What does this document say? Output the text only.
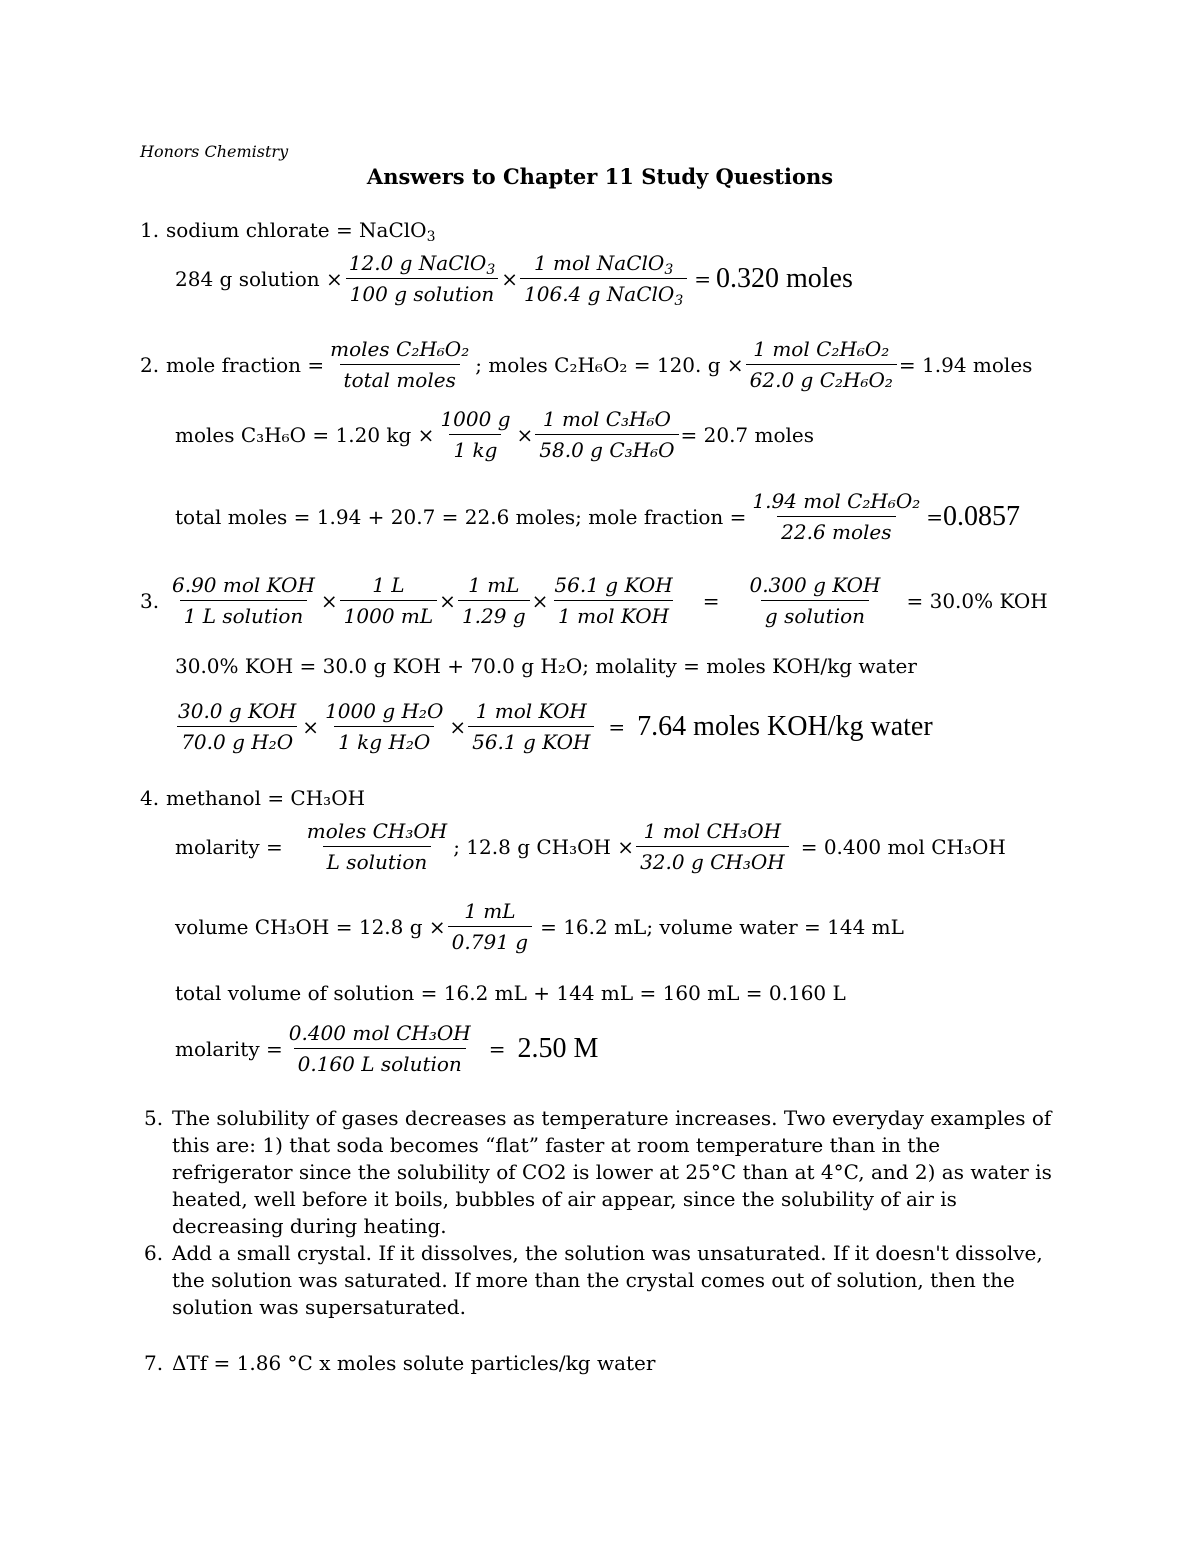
Honors Chemistry
Answers to Chapter 11 Study Questions
1. sodium chlorate = NaClO$_3$
284 g solution × $\frac{12.0 g NaClO_3}{\text{100 g solution}} \times \frac{1 mol NaClO_3}{106.4 g NaClO_3} = 0.320$ moles
2. mole fraction = $\frac{\text{moles C₂H₆O₂}}{\text{total moles}}$ ; moles C₂H₆O₂ = 120. $g \times \frac{\text{1 mol C₂H₆O₂}}{\text{62.0 g C₂H₆O₂}} = 1.94$ moles
moles C₃H₆O = 1.20 kg × $\frac{1000 g}{1 kg} \times \frac{\text{1 mol C₃H₆O}}{\text{58.0 g C₃H₆O}} = 20.7$ moles
total moles = 1.94 + 20.7 = 22.6 moles; mole fraction = $\frac{\text{1.94 mol C₂H₆O₂}}{\text{22.6 moles}} = 0.0857$
3. $\frac{\text{6.90 mol KOH}}{\text{1 L solution}} \times \frac{1 L}{1000 mL} \times \frac{1 mL}{1.29 g} \times \frac{\text{56.1 g KOH}}{\text{1 mol KOH}} = \frac{\text{0.300 g KOH}}{\text{g solution}} = 30.0\%$ KOH
30.0% KOH = 30.0 g KOH + 70.0 g H₂O; molality = moles KOH/kg water
$\frac{\text{30.0 g KOH}}{\text{70.0 g H₂O}} \times \frac{\text{1000 g H₂O}}{\text{1 kg H₂O}} \times \frac{\text{1 mol KOH}}{\text{56.1 g KOH}} = 7.64$ moles KOH/kg water
4. methanol = CH₃OH
molarity = $\frac{\text{moles CH₃OH}}{\text{L solution}}$ ; 12.8 g $CH_3OH \times \frac{\text{1 mol CH₃OH}}{\text{32.0 g CH₃OH}} = 0.400$ mol CH₃OH
volume CH₃OH = 12.8 $g \times \frac{1 mL}{0.791 g} = 16.2$ mL; volume water = 144 mL
total volume of solution = 16.2 mL + 144 mL = 160 mL = 0.160 L
molarity = $\frac{\text{0.400 mol CH₃OH}}{\text{0.160 L solution}} = 2.50$ M
5. The solubility of gases decreases as temperature increases. Two everyday examples of this are: 1) that soda becomes “flat” faster at room temperature than in the refrigerator since the solubility of CO2 is lower at 25°C than at 4°C, and 2) as water is heated, well before it boils, bubbles of air appear, since the solubility of air is decreasing during heating.
6. Add a small crystal. If it dissolves, the solution was unsaturated. If it doesn't dissolve, the solution was saturated. If more than the crystal comes out of solution, then the solution was supersaturated.
7. ΔTf = 1.86 °C x moles solute particles/kg water
